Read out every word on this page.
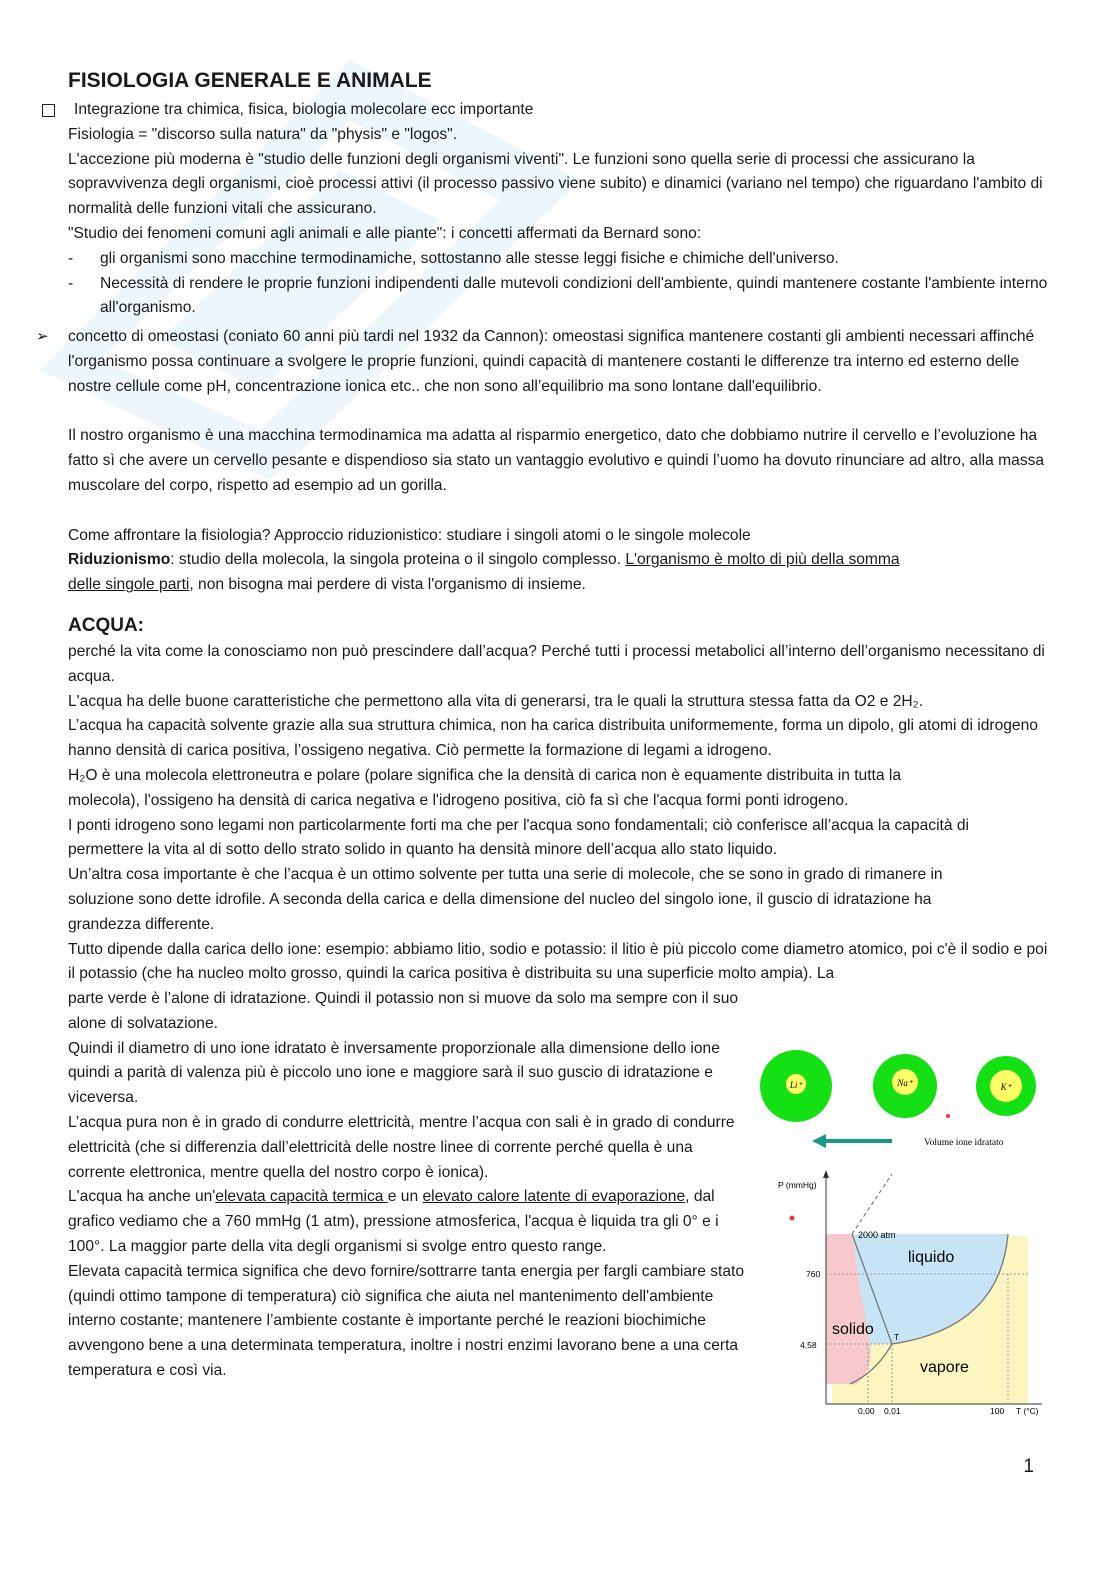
FISIOLOGIA GENERALE E ANIMALE

Integrazione tra chimica, fisica, biologia molecolare ecc importante

Fisiologia = "discorso sulla natura" da "physis" e "logos".

L'accezione più moderna è "studio delle funzioni degli organismi viventi". Le funzioni sono quella serie di processi che assicurano la sopravvivenza degli organismi, cioè processi attivi (il processo passivo viene subito) e dinamici (variano nel tempo) che riguardano l'ambito di normalità delle funzioni vitali che assicurano.

"Studio dei fenomeni comuni agli animali e alle piante": i concetti affermati da Bernard sono:

- gli organismi sono macchine termodinamiche, sottostanno alle stesse leggi fisiche e chimiche dell'universo.

- Necessità di rendere le proprie funzioni indipendenti dalle mutevoli condizioni dell'ambiente, quindi mantenere costante l'ambiente interno all'organismo.

➢ concetto di omeostasi (coniato 60 anni più tardi nel 1932 da Cannon): omeostasi significa mantenere costanti gli ambienti necessari affinché l'organismo possa continuare a svolgere le proprie funzioni, quindi capacità di mantenere costanti le differenze tra interno ed esterno delle nostre cellule come pH, concentrazione ionica etc.. che non sono all’equilibrio ma sono lontane dall'equilibrio.

Il nostro organismo è una macchina termodinamica ma adatta al risparmio energetico, dato che dobbiamo nutrire il cervello e l’evoluzione ha fatto sì che avere un cervello pesante e dispendioso sia stato un vantaggio evolutivo e quindi l’uomo ha dovuto rinunciare ad altro, alla massa muscolare del corpo, rispetto ad esempio ad un gorilla.

Come affrontare la fisiologia? Approccio riduzionistico: studiare i singoli atomi o le singole molecole

Riduzionismo: studio della molecola, la singola proteina o il singolo complesso. L'organismo è molto di più della somma delle singole parti, non bisogna mai perdere di vista l'organismo di insieme.

ACQUA:

perché la vita come la conosciamo non può prescindere dall’acqua? Perché tutti i processi metabolici all’interno dell’organismo necessitano di acqua.

L'acqua ha delle buone caratteristiche che permettono alla vita di generarsi, tra le quali la struttura stessa fatta da O2 e 2H₂.

L’acqua ha capacità solvente grazie alla sua struttura chimica, non ha carica distribuita uniformemente, forma un dipolo, gli atomi di idrogeno hanno densità di carica positiva, l’ossigeno negativa. Ciò permette la formazione di legami a idrogeno.

H₂O è una molecola elettroneutra e polare (polare significa che la densità di carica non è equamente distribuita in tutta la molecola), l'ossigeno ha densità di carica negativa e l'idrogeno positiva, ciò fa sì che l'acqua formi ponti idrogeno.

I ponti idrogeno sono legami non particolarmente forti ma che per l'acqua sono fondamentali; ciò conferisce all’acqua la capacità di permettere la vita al di sotto dello strato solido in quanto ha densità minore dell’acqua allo stato liquido.

Un’altra cosa importante è che l’acqua è un ottimo solvente per tutta una serie di molecole, che se sono in grado di rimanere in soluzione sono dette idrofile. A seconda della carica e della dimensione del nucleo del singolo ione, il guscio di idratazione ha grandezza differente.

Tutto dipende dalla carica dello ione: esempio: abbiamo litio, sodio e potassio: il litio è più piccolo come diametro atomico, poi c'è il sodio e poi il potassio (che ha nucleo molto grosso, quindi la carica positiva è distribuita su una superficie molto ampia). La

parte verde è l’alone di idratazione. Quindi il potassio non si muove da solo ma sempre con il suo alone di solvatazione.

Quindi il diametro di uno ione idratato è inversamente proporzionale alla dimensione dello ione quindi a parità di valenza più è piccolo uno ione e maggiore sarà il suo guscio di idratazione e viceversa.

L’acqua pura non è in grado di condurre elettricità, mentre l’acqua con sali è in grado di condurre elettricità (che si differenzia dall’elettricità delle nostre linee di corrente perché quella è una corrente elettronica, mentre quella del nostro corpo è ionica).

L'acqua ha anche un'elevata capacità termica e un elevato calore latente di evaporazione, dal grafico vediamo che a 760 mmHg (1 atm), pressione atmosferica, l'acqua è liquida tra gli 0° e i 100°. La maggior parte della vita degli organismi si svolge entro questo range.

Elevata capacità termica significa che devo fornire/sottrarre tanta energia per fargli cambiare stato (quindi ottimo tampone di temperatura) ciò significa che aiuta nel mantenimento dell'ambiente interno costante; mantenere l’ambiente costante è importante perché le reazioni biochimiche avvengono bene a una determinata temperatura, inoltre i nostri enzimi lavorano bene a una certa temperatura e così via.

Li⁺	Na⁺	K⁺
Volume ione idratato
P (mmHg)
760
4,58
0,00 0,01	100 T (°C)
2000 atm
liquido
solido
vapore
T
1
